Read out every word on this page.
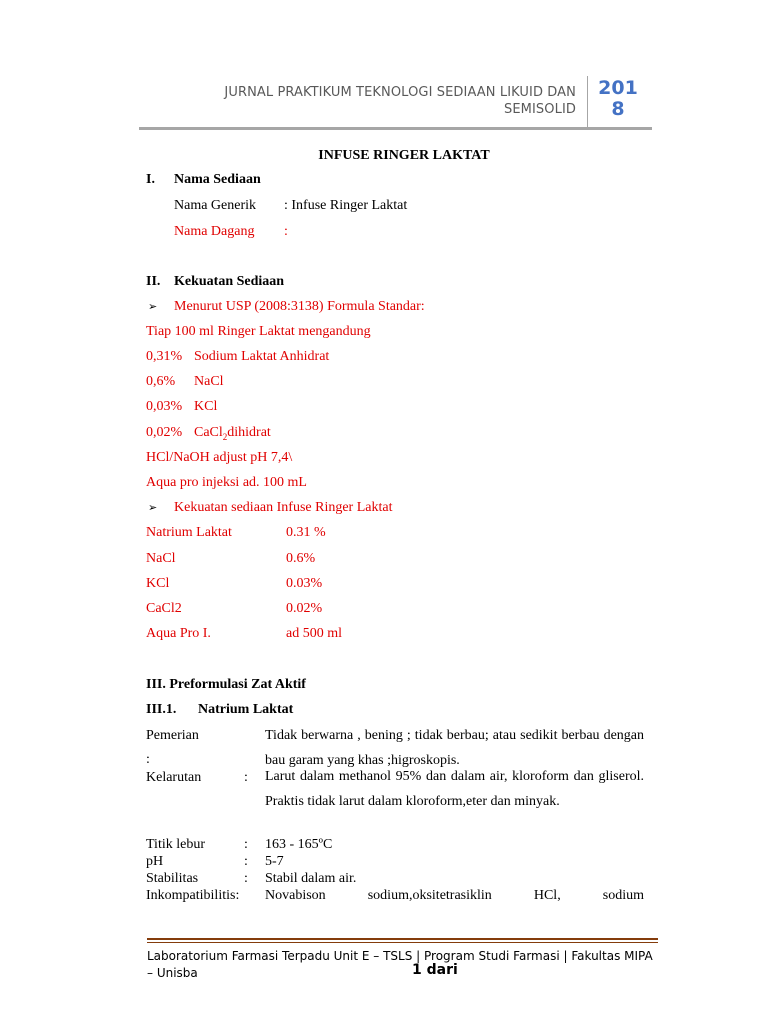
JURNAL PRAKTIKUM TEKNOLOGI SEDIAAN LIKUID DAN SEMISOLID
201
8
INFUSE RINGER LAKTAT
I. Nama Sediaan
Nama Generik : Infuse Ringer Laktat
Nama Dagang :
II. Kekuatan Sediaan
➢ Menurut USP (2008:3138) Formula Standar:
Tiap 100 ml Ringer Laktat mengandung
0,31% Sodium Laktat Anhidrat
0,6% NaCl
0,03% KCl
0,02% CaCl$_2$dihidrat
HCl/NaOH adjust pH 7,4\
Aqua pro injeksi ad. 100 mL
➢ Kekuatan sediaan Infuse Ringer Laktat
Natrium Laktat	0.31 %
NaCl	0.6%
KCl	0.03%
CaCl2	0.02%
Aqua Pro I.	ad 500 ml
III. Preformulasi Zat Aktif
III.1. Natrium Laktat
Pemerian
:
Tidak berwarna , bening ; tidak berbau; atau sedikit berbau dengan bau garam yang khas ;higroskopis.
Kelarutan	: Larut dalam methanol 95% dan dalam air, kloroform dan gliserol. Praktis tidak larut dalam kloroform,eter dan minyak.
Titik lebur	: 163 - 165ºC
pH	: 5-7
Stabilitas	: Stabil dalam air.
Inkompatibilitis: Novabison sodium,oksitetrasiklin HCl, sodium
Laboratorium Farmasi Terpadu Unit E – TSLS | Program Studi Farmasi | Fakultas MIPA – Unisba	1 dari
